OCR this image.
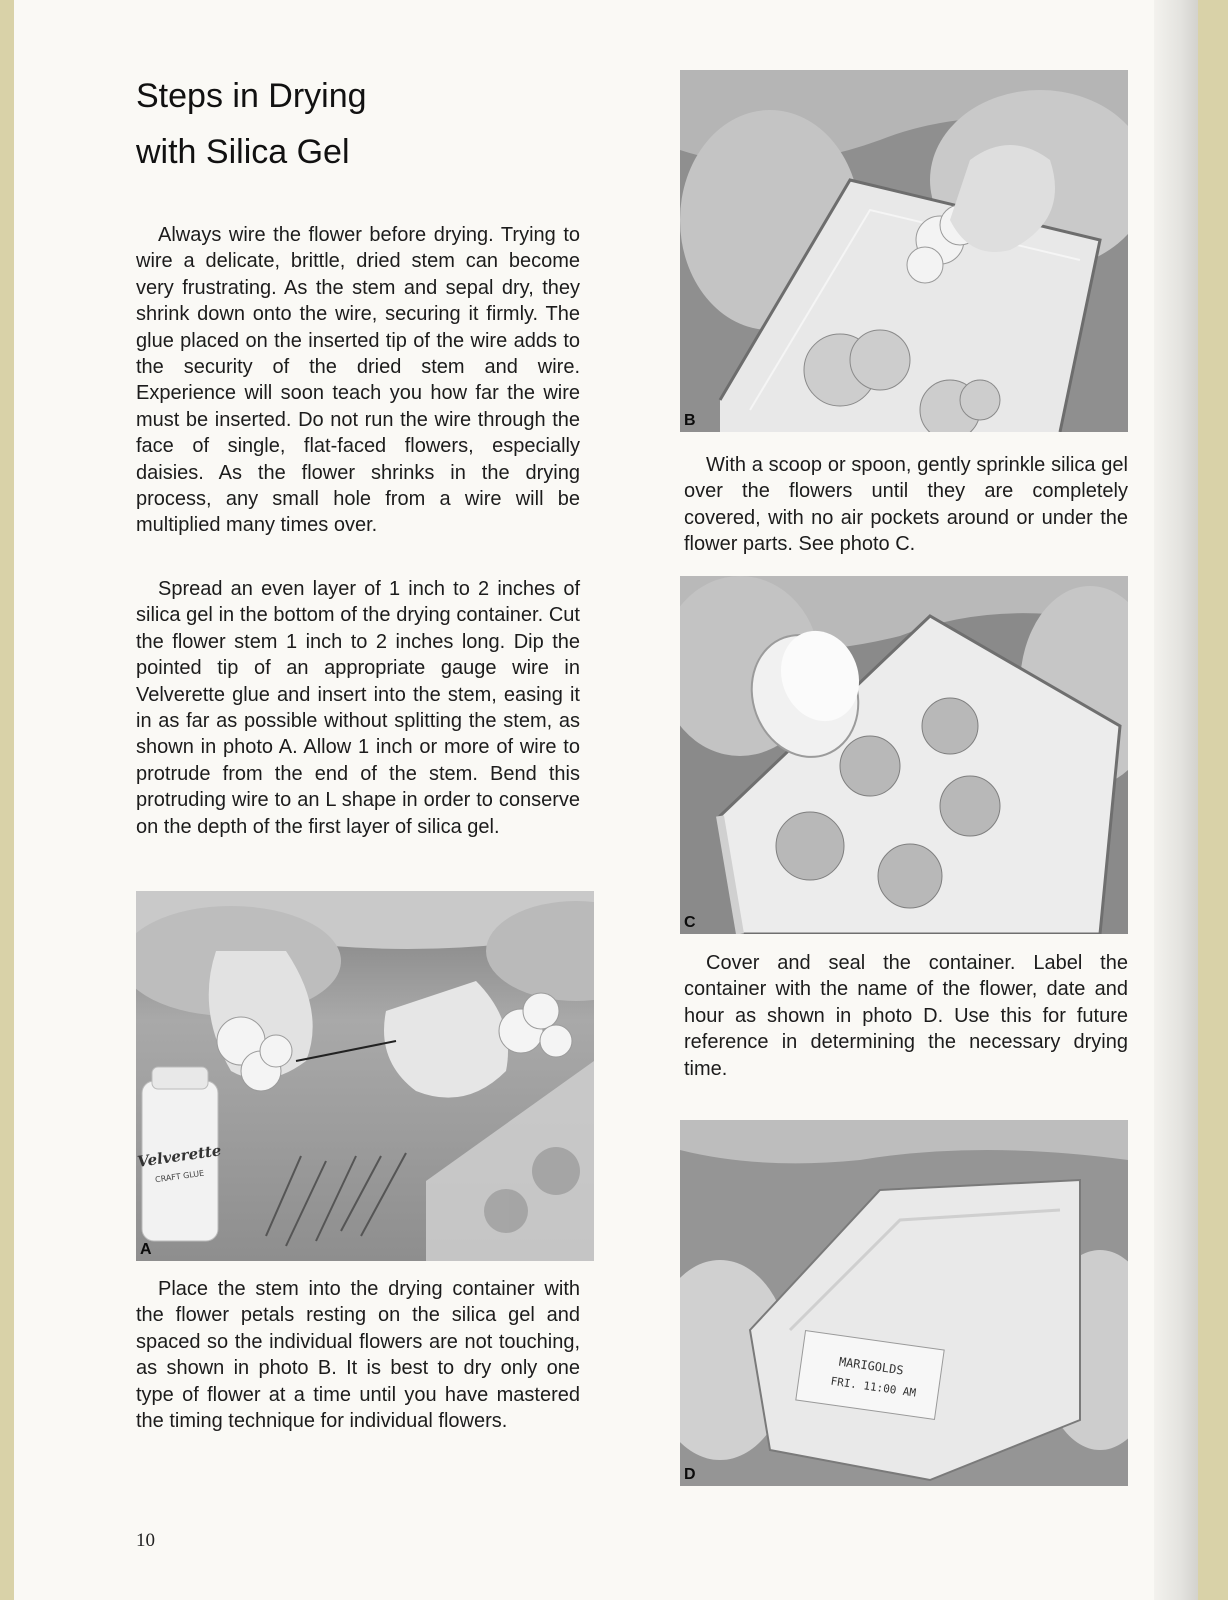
Steps in Drying
with Silica Gel

Always wire the flower before drying. Trying to wire a delicate, brittle, dried stem can become very frustrating. As the stem and sepal dry, they shrink down onto the wire, securing it firmly. The glue placed on the inserted tip of the wire adds to the security of the dried stem and wire. Experience will soon teach you how far the wire must be inserted. Do not run the wire through the face of single, flat-faced flowers, especially daisies. As the flower shrinks in the drying process, any small hole from a wire will be multiplied many times over.

Spread an even layer of 1 inch to 2 inches of silica gel in the bottom of the drying container. Cut the flower stem 1 inch to 2 inches long. Dip the pointed tip of an appropriate gauge wire in Velverette glue and insert into the stem, easing it in as far as possible without splitting the stem, as shown in photo A. Allow 1 inch or more of wire to protrude from the end of the stem. Bend this protruding wire to an L shape in order to conserve on the depth of the first layer of silica gel.

Velverette
CRAFT GLUE
A

Place the stem into the drying container with the flower petals resting on the silica gel and spaced so the individual flowers are not touching, as shown in photo B. It is best to dry only one type of flower at a time until you have mastered the timing technique for individual flowers.

B

With a scoop or spoon, gently sprinkle silica gel over the flowers until they are completely covered, with no air pockets around or under the flower parts. See photo C.

C

Cover and seal the container. Label the container with the name of the flower, date and hour as shown in photo D. Use this for future reference in determining the necessary drying time.

MARIGOLDS
FRI. 11:00 AM
D
10
